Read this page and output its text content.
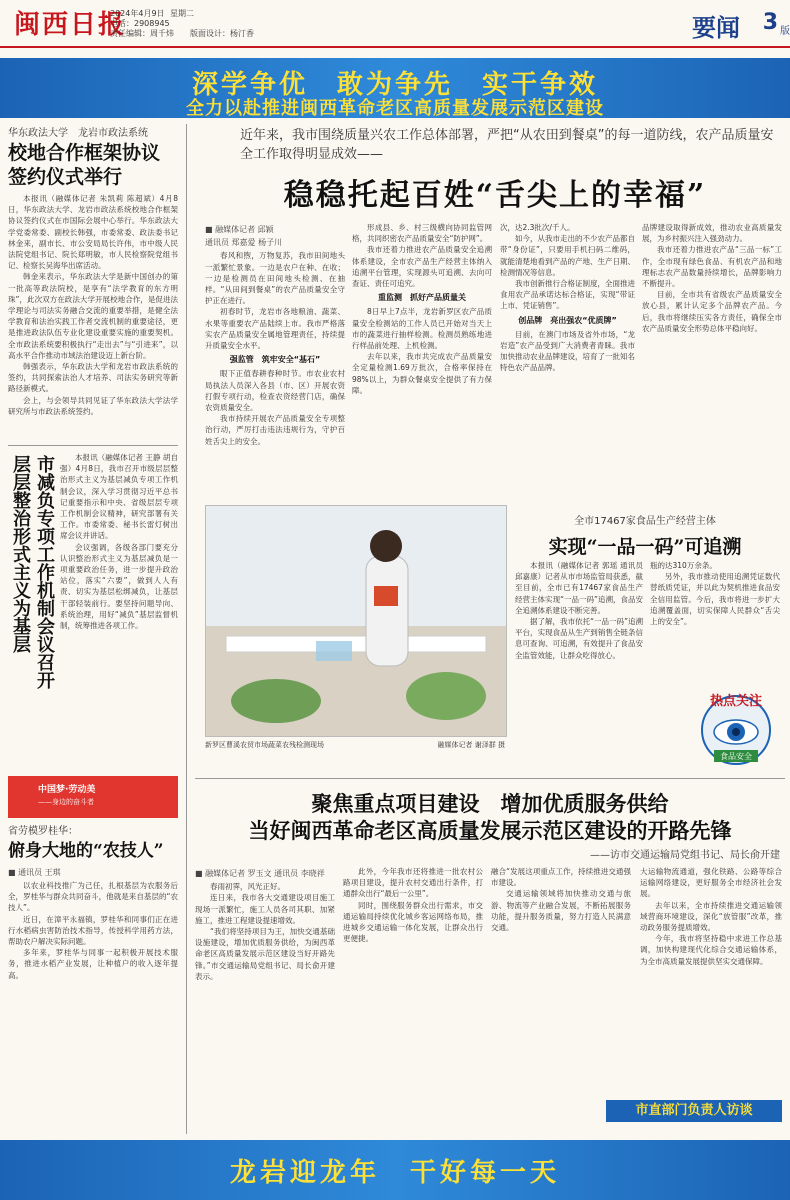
闽西日报
2024年4月9日 星期二
电话：2908945
责任编辑：周千炜 版面设计：杨汀香	要闻 3 版
深学争优　敢为争先　实干争效
全力以赴推进闽西革命老区高质量发展示范区建设
华东政法大学　龙岩市政法系统
校地合作框架协议
签约仪式举行

本报讯（融媒体记者 朱凯莉 陈超斌）4月8日，华东政法大学、龙岩市政法系统校地合作框架协议签约仪式在市国际会展中心举行。华东政法大学党委常委、副校长韩强，市委常委、政法委书记林金来，副市长、市公安局局长许伟，市中级人民法院党组书记、院长郑明敏，市人民检察院党组书记、检察长吴海华出席活动。

韩金来表示，华东政法大学是新中国创办的第一批高等政法院校，是享有“法学教育的东方明珠”，此次双方在政法大学开展校地合作，是促进法学理论与司法实务融合交流的重要举措，是健全法学教育和法治实践工作者交流机制的重要途径，更是推进政法队伍专业化建设重要实施的重要契机。全市政法系统要积极执行“走出去”与“引进来”，以高水平合作推动市域法治建设迈上新台阶。

韩强表示，华东政法大学和龙岩市政法系统的签约，共同探索法治人才培养、司法实务研究等新路径新模式。

会上，与会领导共同见证了华东政法大学法学研究所与市政法系统签约。

层层整治形式主义为基层 市减负专项工作机制会议召开	本报讯（融媒体记者 王静 胡自强）4月8日，我市召开市级层层整治形式主义为基层减负专项工作机制会议，深入学习贯彻习近平总书记重要指示和中央、省级层层专项工作机制会议精神，研究部署有关工作。市委常委、秘书长雷灯树出席会议并讲话。

会议强调，各级各部门要充分认识整治形式主义为基层减负是一项重要政治任务，进一步提升政治站位，落实“六要”，做到人人有责、切实为基层松绑减负，让基层干部轻装前行。要坚持问题导向、系统治理，用好“减负”基层监督机制，统筹推进各项工作。

中国梦·劳动美
——身边的奋斗者
省劳模罗桂华：
俯身大地的“农技人”
■ 通讯员 王琪

以农业科技推广为己任，扎根基层为农服务后全，罗桂华与群众共同奋斗，他就是来自基层的“农技人”。

近日，在漳平永福镇，罗桂华和同事们正在进行水稻病虫害防治技术指导，传授科学用药方法，帮助农户解决实际问题。

多年来，罗桂华与同事一起积极开展技术服务，推进水稻产业发展，让种植户的收入逐年提高。

近年来，我市围绕质量兴农工作总体部署，严把“从农田到餐桌”的每一道防线，农产品质量安全工作取得明显成效——
稳稳托起百姓“舌尖上的幸福”
■ 融媒体记者 邱颖
通讯员 郑嘉爱 杨子川

春风和煦，万物复苏，我市田间地头一派繁忙景象。一边是农户在种、在收；一边是检测员在田间地头检测、在抽样。“从田间到餐桌”的农产品质量安全守护正在进行。

初春时节，龙岩市各地粮油、蔬菜、水果等重要农产品陆续上市。我市严格落实农产品质量安全属地管理责任，持续提升质量安全水平。

强监管　筑牢安全“基石”

眼下正值春耕春种时节。市农业农村局执法人员深入各县（市、区）开展农资打假专项行动，检查农资经营门店，确保农资质量安全。

我市持续开展农产品质量安全专项整治行动，严厉打击违法违规行为，守护百姓舌尖上的安全。

形成县、乡、村三级横向协同监管网格，共同织密农产品质量安全“防护网”。

我市还着力推进农产品质量安全追溯体系建设，全市农产品生产经营主体纳入追溯平台管理，实现源头可追溯、去向可查证、责任可追究。

重监测　抓好产品质量关

8日早上7点半，龙岩新罗区农产品质量安全检测站的工作人员已开始对当天上市的蔬菜进行抽样检测。检测员熟练地进行样品前处理、上机检测。

去年以来，我市共完成农产品质量安全定量检测1.69万批次，合格率保持在98%以上，为群众餐桌安全提供了有力保障。

次，达2.3批次/千人。

如今，从我市走出的不少农产品都自带“身份证”，只要用手机扫码二维码，就能清楚地看到产品的产地、生产日期、检测情况等信息。

我市创新推行合格证制度，全面推进食用农产品承诺达标合格证，实现“带证上市、凭证销售”。

创品牌　亮出强农“优质牌”

目前，在澳门市场及省外市场，“龙岩造”农产品受到广大消费者青睐。我市加快推动农业品牌建设，培育了一批知名特色农产品品牌。

品牌建设取得新成效，推动农业高质量发展，为乡村振兴注入强劲动力。

我市还着力推进农产品“三品一标”工作，全市现有绿色食品、有机农产品和地理标志农产品数量持续增长，品牌影响力不断提升。

目前，全市共有省级农产品质量安全放心县，累计认定多个品牌农产品。今后，我市将继续压实各方责任，确保全市农产品质量安全形势总体平稳向好。

新罗区曹溪农贸市场蔬菜农残检测现场	融媒体记者 谢泽群 摄
全市17467家食品生产经营主体
实现“一品一码”可追溯

本报讯（融媒体记者 郭瑶 通讯员 邱嘉康）记者从市市场监管局获悉，截至目前，全市已有17467家食品生产经营主体实现“一品一码”追溯，食品安全追溯体系建设不断完善。

据了解，我市依托“一品一码”追溯平台，实现食品从生产到销售全链条信息可查询、可追溯，有效提升了食品安全监管效能，让群众吃得放心。

瓶的达310万余条。

另外，我市推动使用追溯凭证数代替纸质凭证，并以此为契机推进食品安全信用监管。今后，我市将进一步扩大追溯覆盖面，切实保障人民群众“舌尖上的安全”。

热点关注
食品安全
聚焦重点项目建设　增加优质服务供给
当好闽西革命老区高质量发展示范区建设的开路先锋
——访市交通运输局党组书记、局长俞开建
■ 融媒体记者 罗玉文 通讯员 李晓祥

春雨初霁，风光正好。

连日来，我市各大交通建设项目施工现场一派繁忙，施工人员各司其职、加紧施工，推进工程建设提速增效。

“我们将坚持项目为王，加快交通基础设施建设，增加优质服务供给，为闽西革命老区高质量发展示范区建设当好开路先锋。”市交通运输局党组书记、局长俞开建表示。

此外，今年我市还将推进一批农村公路项目建设，提升农村交通出行条件，打通群众出行“最后一公里”。

同时，围绕服务群众出行需求，市交通运输局持续优化城乡客运网络布局，推进城乡交通运输一体化发展，让群众出行更便捷。

融合“发展这项重点工作，持续推进交通强市建设。

交通运输领域将加快推动交通与旅游、物流等产业融合发展，不断拓展服务功能，提升服务质量，努力打造人民满意交通。

大运输物流通道，强化铁路、公路等综合运输网络建设，更好服务全市经济社会发展。

去年以来，全市持续推进交通运输领域营商环境建设，深化“放管服”改革，推动政务服务提质增效。

今年，我市将坚持稳中求进工作总基调，加快构建现代化综合交通运输体系，为全市高质量发展提供坚实交通保障。

市直部门负责人访谈
龙岩迎龙年　干好每一天
